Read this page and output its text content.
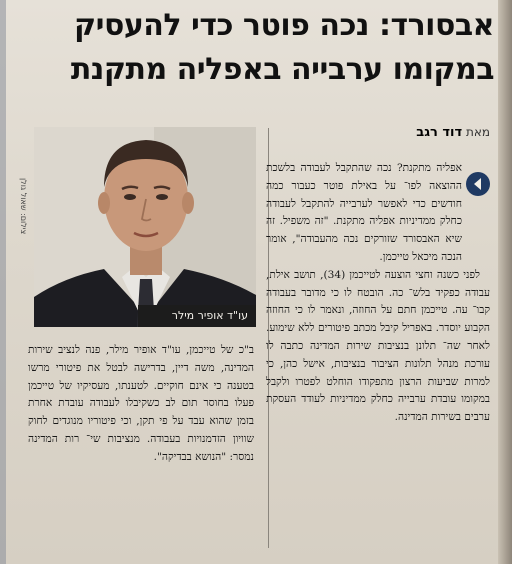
אבסורד: נכה פוטר כדי להעסיק
במקומו ערבייה באפליה מתקנת
מאת דוד רגב
צילום: שאול גולן
עו"ד אופיר מילר

אפליה מתקנת? נכה שהתקבל לעבודה בלשכת ההוצאה לפו־ על באילת פוטר כעבור כמה חודשים כדי לאפשר לערבייה להתקבל לעבודה כחלק ממדיניות אפליה מתקנת. "זה משפיל. זה שיא האבסורד שזורקים נכה מהעבודה", אומר הנכה מיכאל טייכמן.

לפני כשנה וחצי הוצעה לטייכמן (34), תושב אילת, עבודה כפקיד בלש־ כה. הובטח לו כי מדובר בעבודה קבו־ עה. טייכמן חתם על החוזה, ונאמר לו כי החוזה הקבוע יוסדר. באפריל קיבל מכתב פיטורים ללא שימוע. לאחר שה־ תלונן בנציבות שירות המדינה כתבה לו עורכת מנהל תלונות הציבור בנציבות, אישל כהן, כי למרות שביעות הרצון מתפקודו הוחלט לפטרו ולקבל במקומו עובדת ערבייה כחלק ממדיניות לעודד העסקת ערבים בשירות המדינה.

ב"כ של טייכמן, עו"ד אופיר מילר, פנה לנציב שירות המדינה, משה דיין, בדרישה לבטל את פיטורי מרשו בטענה כי אינם חוקיים. לטענתו, מעסיקיו של טייכמן פעלו בחוסר תום לב כשקיבלו לעבודה עובדת אחרת בזמן שהוא עבד על פי תקן, וכי פיטוריו מנוגדים לחוק שוויון הזדמנויות בעבודה. מנציבות שי־ רות המדינה נמסר: "הנושא בבדיקה".
